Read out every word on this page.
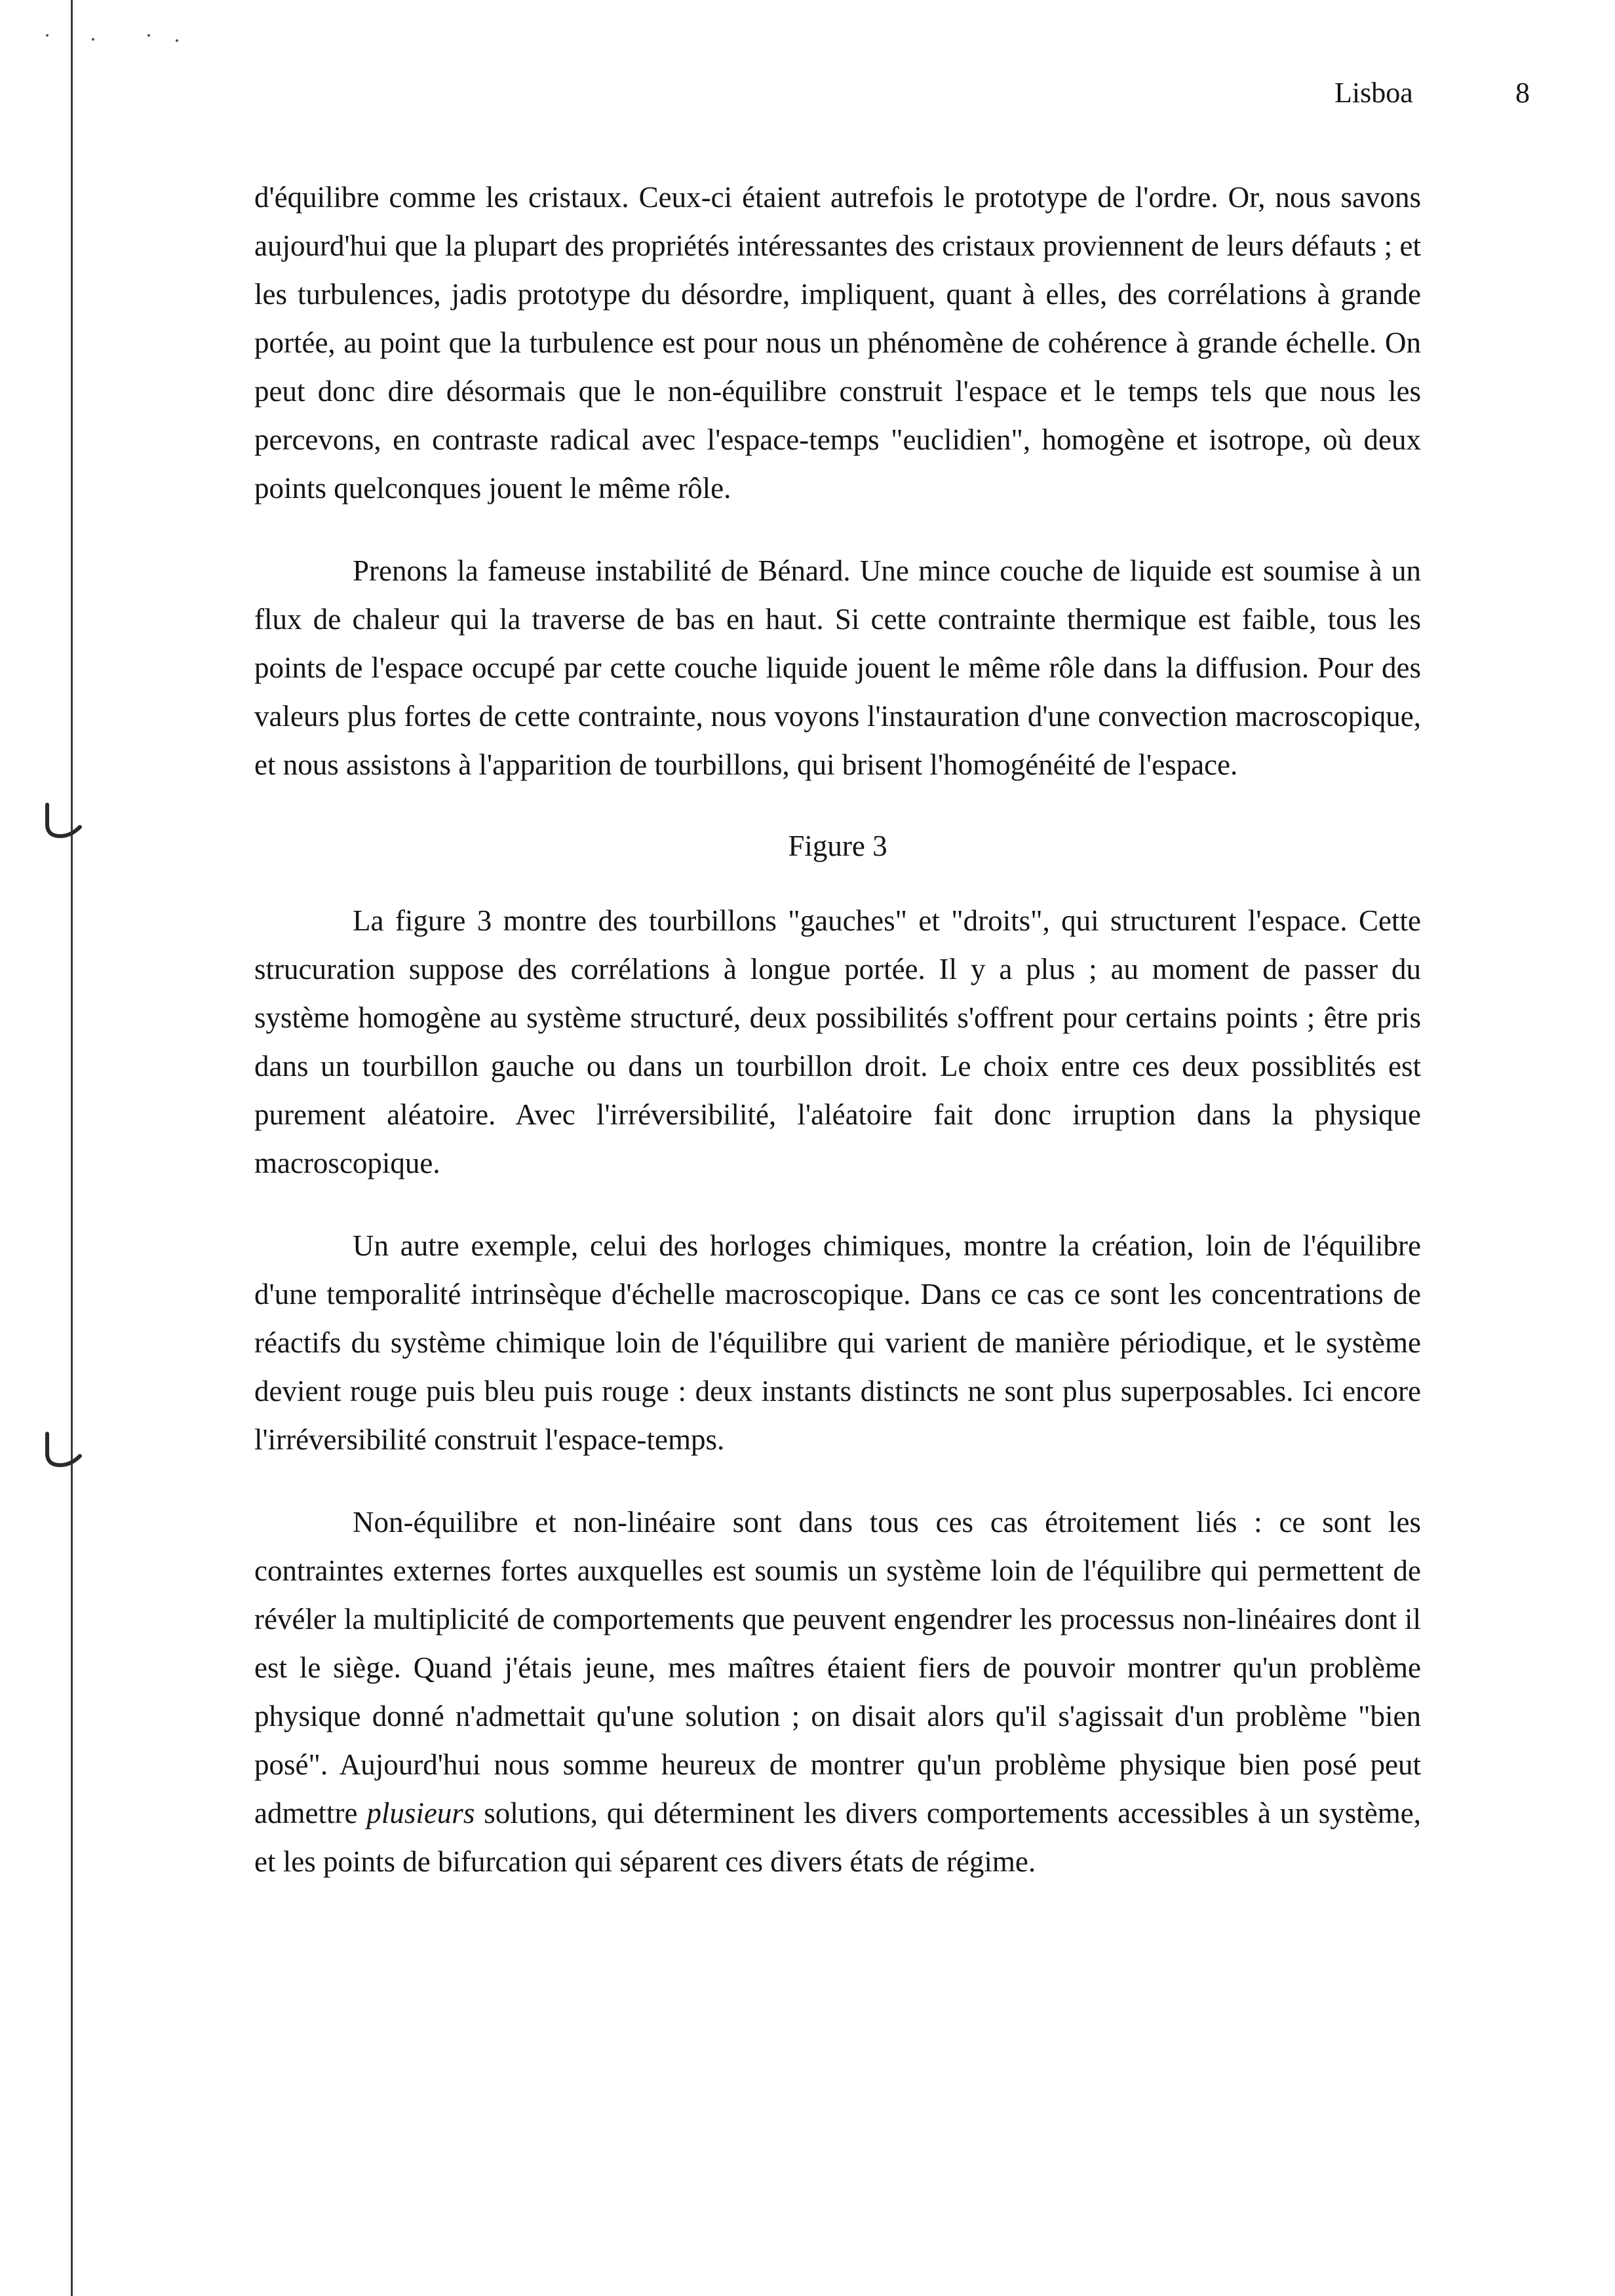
Lisboa	8

d'équilibre comme les cristaux. Ceux-ci étaient autrefois le prototype de l'ordre. Or, nous savons aujourd'hui que la plupart des propriétés intéressantes des cristaux proviennent de leurs défauts ; et les turbulences, jadis prototype du désordre, impliquent, quant à elles, des corrélations à grande portée, au point que la turbulence est pour nous un phénomène de cohérence à grande échelle. On peut donc dire désormais que le non-équilibre construit l'espace et le temps tels que nous les percevons, en contraste radical avec l'espace-temps "euclidien", homogène et isotrope, où deux points quelconques jouent le même rôle.

Prenons la fameuse instabilité de Bénard. Une mince couche de liquide est soumise à un flux de chaleur qui la traverse de bas en haut. Si cette contrainte thermique est faible, tous les points de l'espace occupé par cette couche liquide jouent le même rôle dans la diffusion. Pour des valeurs plus fortes de cette contrainte, nous voyons l'instauration d'une convection macroscopique, et nous assistons à l'apparition de tourbillons, qui brisent l'homogénéité de l'espace.

Figure 3

La figure 3 montre des tourbillons "gauches" et "droits", qui structurent l'espace. Cette strucuration suppose des corrélations à longue portée. Il y a plus ; au moment de passer du système homogène au système structuré, deux possibilités s'offrent pour certains points ; être pris dans un tourbillon gauche ou dans un tourbillon droit. Le choix entre ces deux possiblités est purement aléatoire. Avec l'irréversibilité, l'aléatoire fait donc irruption dans la physique macroscopique.

Un autre exemple, celui des horloges chimiques, montre la création, loin de l'équilibre d'une temporalité intrinsèque d'échelle macroscopique. Dans ce cas ce sont les concentrations de réactifs du système chimique loin de l'équilibre qui varient de manière périodique, et le système devient rouge puis bleu puis rouge : deux instants distincts ne sont plus superposables. Ici encore l'irréversibilité construit l'espace-temps.

Non-équilibre et non-linéaire sont dans tous ces cas étroitement liés : ce sont les contraintes externes fortes auxquelles est soumis un système loin de l'équilibre qui permettent de révéler la multiplicité de comportements que peuvent engendrer les processus non-linéaires dont il est le siège. Quand j'étais jeune, mes maîtres étaient fiers de pouvoir montrer qu'un problème physique donné n'admettait qu'une solution ; on disait alors qu'il s'agissait d'un problème "bien posé". Aujourd'hui nous somme heureux de montrer qu'un problème physique bien posé peut admettre plusieurs solutions, qui déterminent les divers comportements accessibles à un système, et les points de bifurcation qui séparent ces divers états de régime.
